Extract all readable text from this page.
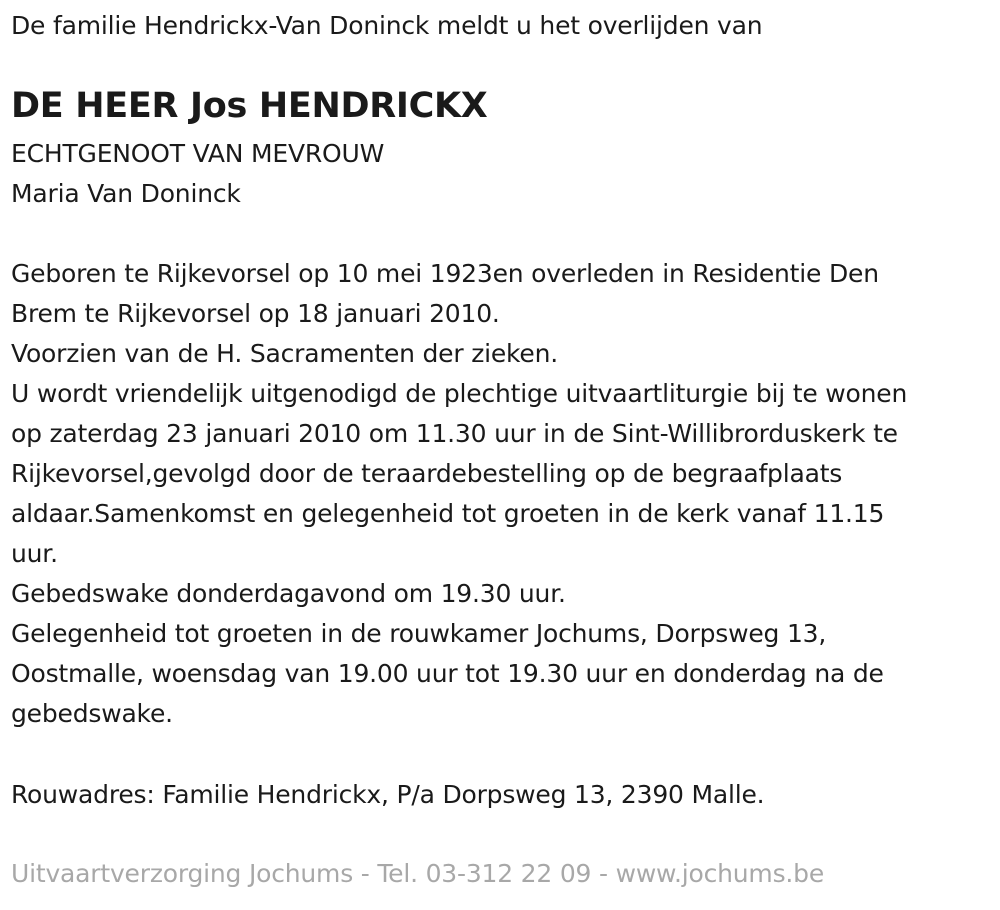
De familie Hendrickx-Van Doninck meldt u het overlijden van
DE HEER Jos HENDRICKX
ECHTGENOOT VAN MEVROUW
Maria Van Doninck
Geboren te Rijkevorsel op 10 mei 1923en overleden in Residentie Den
Brem te Rijkevorsel op 18 januari 2010.
Voorzien van de H. Sacramenten der zieken.
U wordt vriendelijk uitgenodigd de plechtige uitvaartliturgie bij te wonen
op zaterdag 23 januari 2010 om 11.30 uur in de Sint-Willibrorduskerk te
Rijkevorsel,gevolgd door de teraardebestelling op de begraafplaats
aldaar.Samenkomst en gelegenheid tot groeten in de kerk vanaf 11.15
uur.
Gebedswake donderdagavond om 19.30 uur.
Gelegenheid tot groeten in de rouwkamer Jochums, Dorpsweg 13,
Oostmalle, woensdag van 19.00 uur tot 19.30 uur en donderdag na de
gebedswake.
Rouwadres: Familie Hendrickx, P/a Dorpsweg 13, 2390 Malle.
Uitvaartverzorging Jochums - Tel. 03-312 22 09 - www.jochums.be
